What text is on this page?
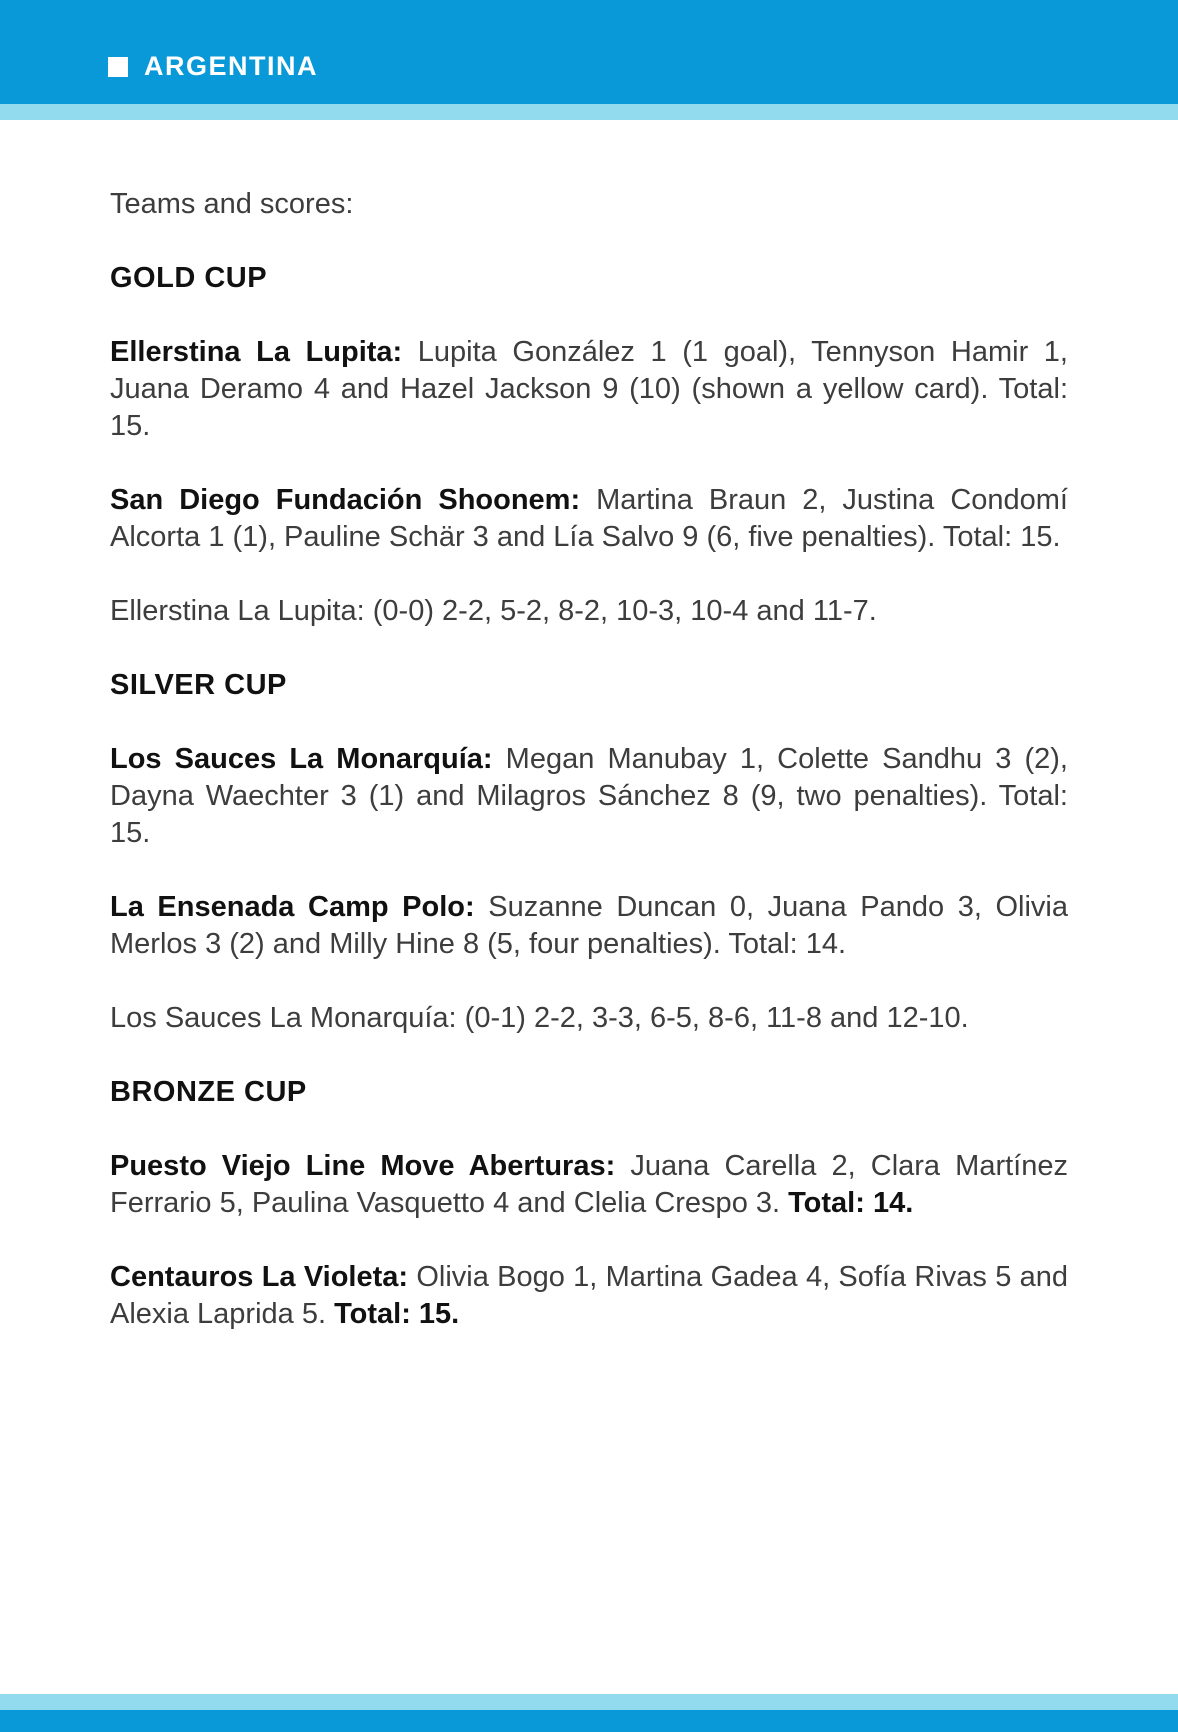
ARGENTINA

Teams and scores:

GOLD CUP

Ellerstina La Lupita: Lupita González 1 (1 goal), Tennyson Hamir 1, Juana Deramo 4 and Hazel Jackson 9 (10) (shown a yellow card). Total: 15.

San Diego Fundación Shoonem: Martina Braun 2, Justina Condomí Alcorta 1 (1), Pauline Schär 3 and Lía Salvo 9 (6, five penalties). Total: 15.

Ellerstina La Lupita: (0-0) 2-2, 5-2, 8-2, 10-3, 10-4 and 11-7.

SILVER CUP

Los Sauces La Monarquía: Megan Manubay 1, Colette Sandhu 3 (2), Dayna Waechter 3 (1) and Milagros Sánchez 8 (9, two penalties). Total: 15.

La Ensenada Camp Polo: Suzanne Duncan 0, Juana Pando 3, Olivia Merlos 3 (2) and Milly Hine 8 (5, four penalties). Total: 14.

Los Sauces La Monarquía: (0-1) 2-2, 3-3, 6-5, 8-6, 11-8 and 12-10.

BRONZE CUP

Puesto Viejo Line Move Aberturas: Juana Carella 2, Clara Martínez Ferrario 5, Paulina Vasquetto 4 and Clelia Crespo 3. Total: 14.

Centauros La Violeta: Olivia Bogo 1, Martina Gadea 4, Sofía Rivas 5 and Alexia Laprida 5. Total: 15.
